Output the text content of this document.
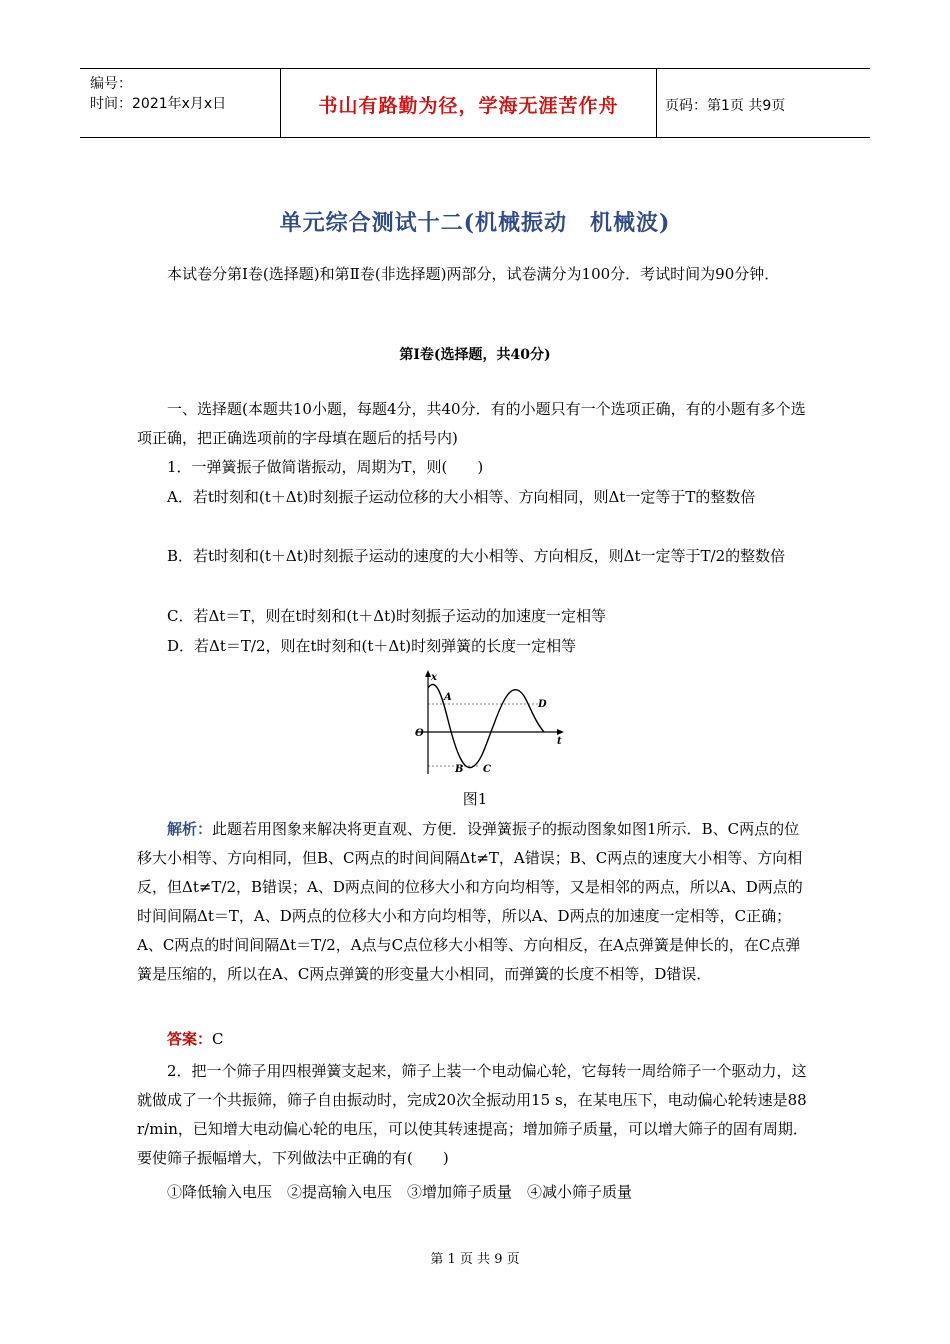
编号：
时间：2021年x月x日	书山有路勤为径，学海无涯苦作舟	页码：第1页 共9页
单元综合测试十二(机械振动　机械波)
本试卷分第Ⅰ卷(选择题)和第Ⅱ卷(非选择题)两部分，试卷满分为100分．考试时间为90分钟．
第Ⅰ卷(选择题，共40分)
一、选择题(本题共10小题，每题4分，共40分．有的小题只有一个选项正确，有的小题有多个选项正确，把正确选项前的字母填在题后的括号内)
1．一弹簧振子做简谐振动，周期为T，则(　　)
A．若t时刻和(t＋Δt)时刻振子运动位移的大小相等、方向相同，则Δt一定等于T的整数倍
B．若t时刻和(t＋Δt)时刻振子运动的速度的大小相等、方向相反，则Δt一定等于T/2的整数倍
C．若Δt＝T，则在t时刻和(t＋Δt)时刻振子运动的加速度一定相等
D．若Δt＝T/2，则在t时刻和(t＋Δt)时刻弹簧的长度一定相等
x
t
O
A
D
B C
图1
解析：此题若用图象来解决将更直观、方便．设弹簧振子的振动图象如图1所示．B、C两点的位移大小相等、方向相同，但B、C两点的时间间隔Δt≠T，A错误；B、C两点的速度大小相等、方向相反，但Δt≠T/2，B错误；A、D两点间的位移大小和方向均相等，又是相邻的两点，所以A、D两点的时间间隔Δt＝T，A、D两点的位移大小和方向均相等，所以A、D两点的加速度一定相等，C正确；A、C两点的时间间隔Δt＝T/2，A点与C点位移大小相等、方向相反，在A点弹簧是伸长的，在C点弹簧是压缩的，所以在A、C两点弹簧的形变量大小相同，而弹簧的长度不相等，D错误．
答案：C
2．把一个筛子用四根弹簧支起来，筛子上装一个电动偏心轮，它每转一周给筛子一个驱动力，这就做成了一个共振筛，筛子自由振动时，完成20次全振动用15 s，在某电压下，电动偏心轮转速是88 r/min，已知增大电动偏心轮的电压，可以使其转速提高；增加筛子质量，可以增大筛子的固有周期．要使筛子振幅增大，下列做法中正确的有(　　)
①降低输入电压　②提高输入电压　③增加筛子质量　④减小筛子质量
第 1 页 共 9 页
